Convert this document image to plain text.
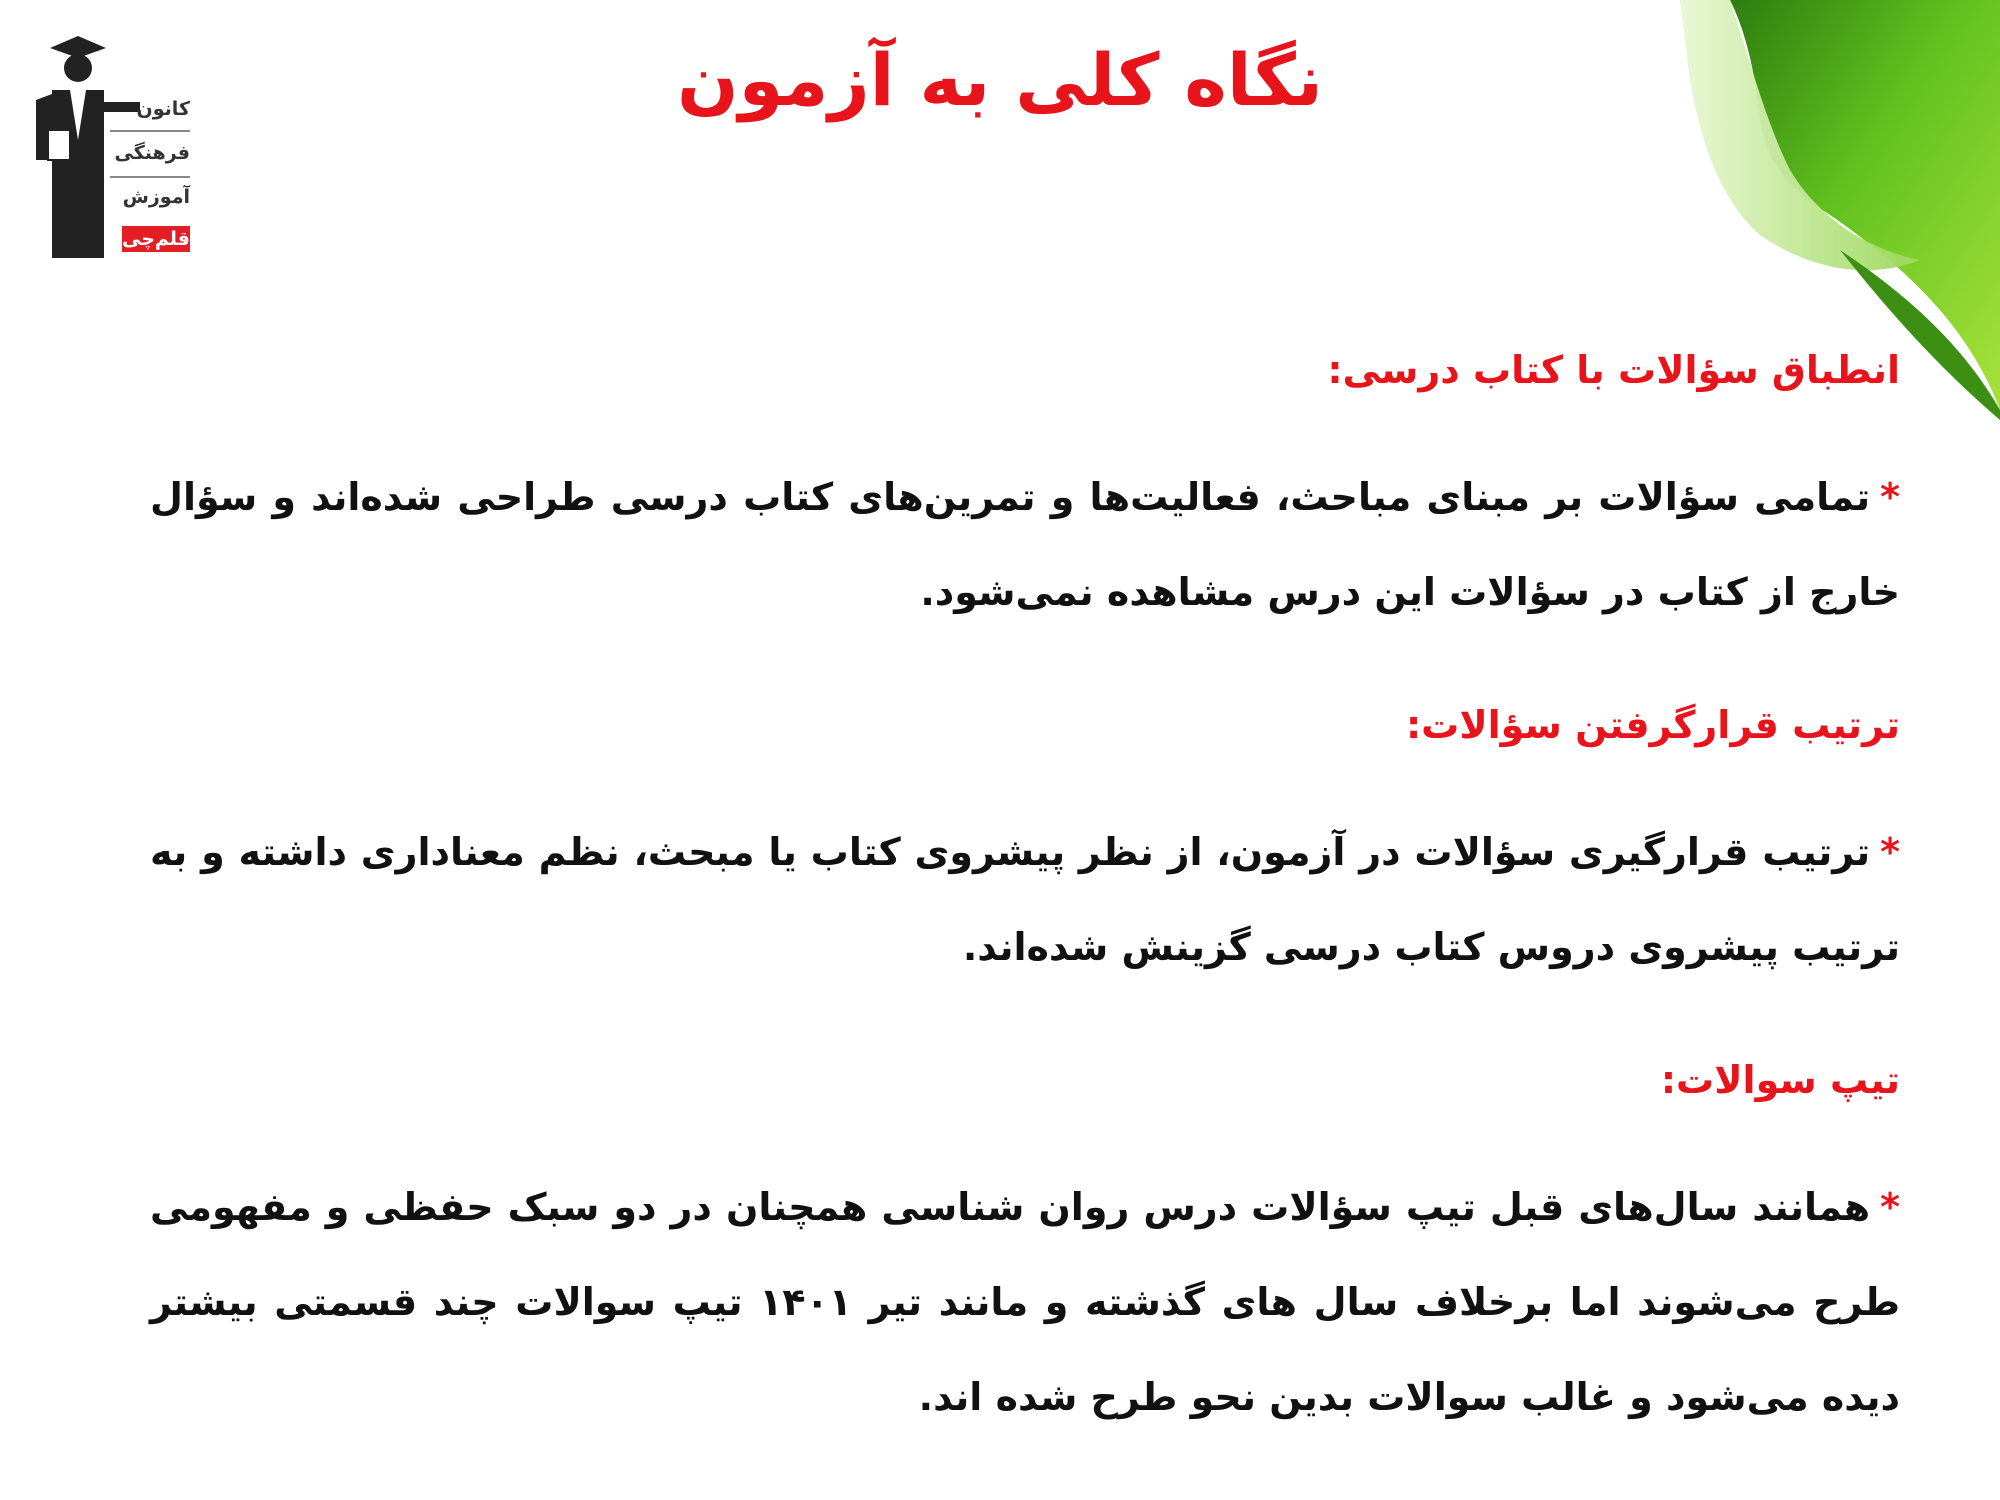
کانون
فرهنگی
آموزش
قلم‌چی
نگاه کلی به آزمون
انطباق سؤالات با کتاب درسی:
*تمامی سؤالات بر مبنای مباحث، فعالیت‌ها و تمرین‌های کتاب درسی طراحی شده‌اند و سؤال خارج از کتاب در سؤالات این درس مشاهده نمی‌شود.
ترتیب قرارگرفتن سؤالات:
*ترتیب قرارگیری سؤالات در آزمون، از نظر پیشروی کتاب یا مبحث، نظم معناداری داشته و به ترتیب پیشروی دروس کتاب درسی گزینش شده‌اند.
تیپ سوالات:
*همانند سال‌های قبل تیپ سؤالات درس روان شناسی همچنان در دو سبک حفظی و مفهومی طرح می‌شوند اما برخلاف سال های گذشته و مانند تیر ۱۴۰۱ تیپ سوالات چند قسمتی بیشتر دیده می‌شود و غالب سوالات بدین نحو طرح شده اند.
